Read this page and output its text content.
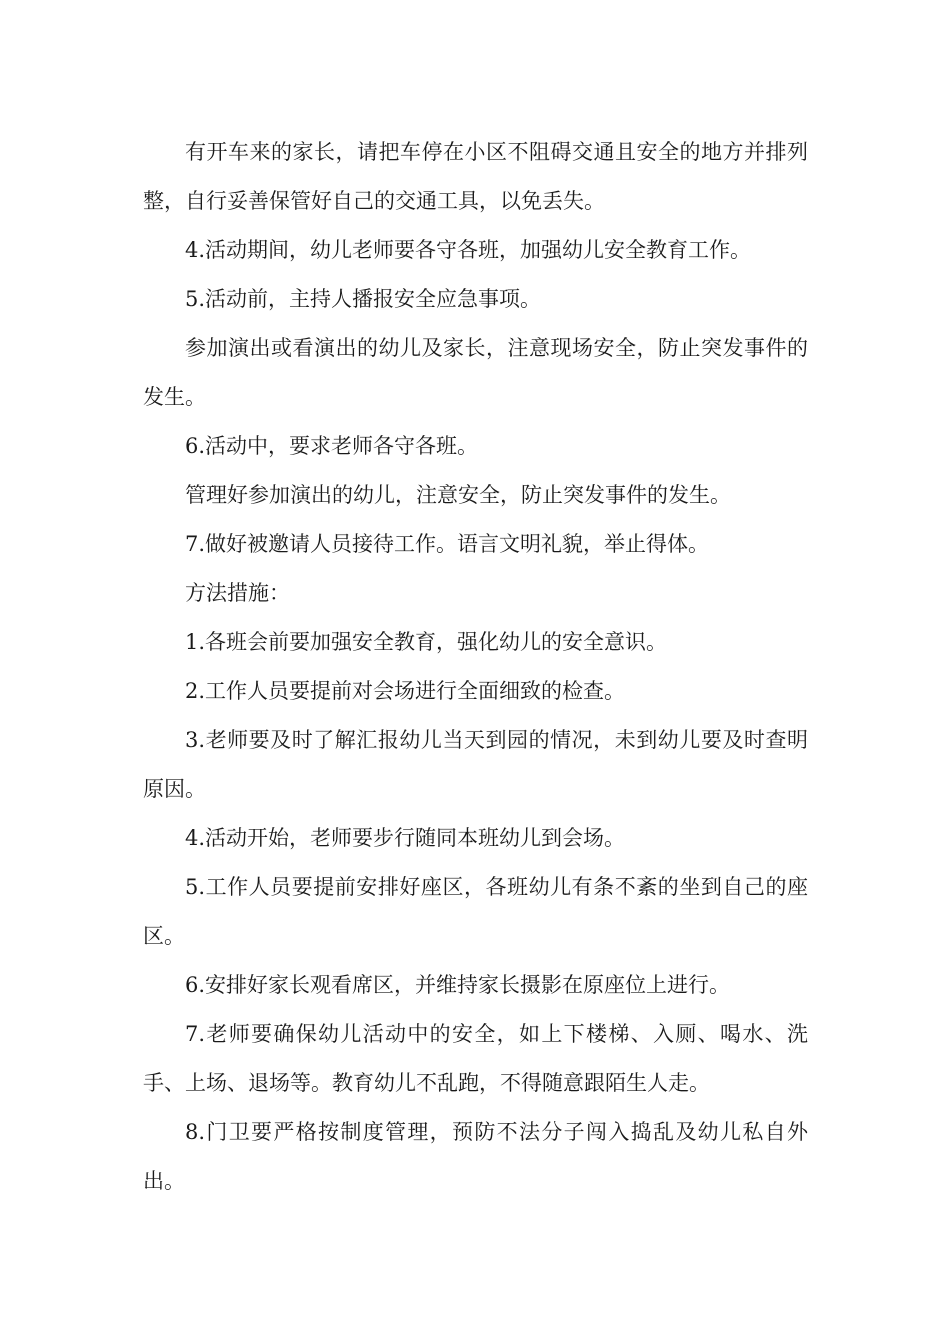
有开车来的家长，请把车停在小区不阻碍交通且安全的地方并排列整，自行妥善保管好自己的交通工具，以免丢失。

4.活动期间，幼儿老师要各守各班，加强幼儿安全教育工作。

5.活动前，主持人播报安全应急事项。

参加演出或看演出的幼儿及家长，注意现场安全，防止突发事件的发生。

6.活动中，要求老师各守各班。

管理好参加演出的幼儿，注意安全，防止突发事件的发生。

7.做好被邀请人员接待工作。语言文明礼貌，举止得体。

方法措施：

1.各班会前要加强安全教育，强化幼儿的安全意识。

2.工作人员要提前对会场进行全面细致的检查。

3.老师要及时了解汇报幼儿当天到园的情况，未到幼儿要及时查明原因。

4.活动开始，老师要步行随同本班幼儿到会场。

5.工作人员要提前安排好座区，各班幼儿有条不紊的坐到自己的座区。

6.安排好家长观看席区，并维持家长摄影在原座位上进行。

7.老师要确保幼儿活动中的安全，如上下楼梯、入厕、喝水、洗手、上场、退场等。教育幼儿不乱跑，不得随意跟陌生人走。

8.门卫要严格按制度管理，预防不法分子闯入捣乱及幼儿私自外出。
